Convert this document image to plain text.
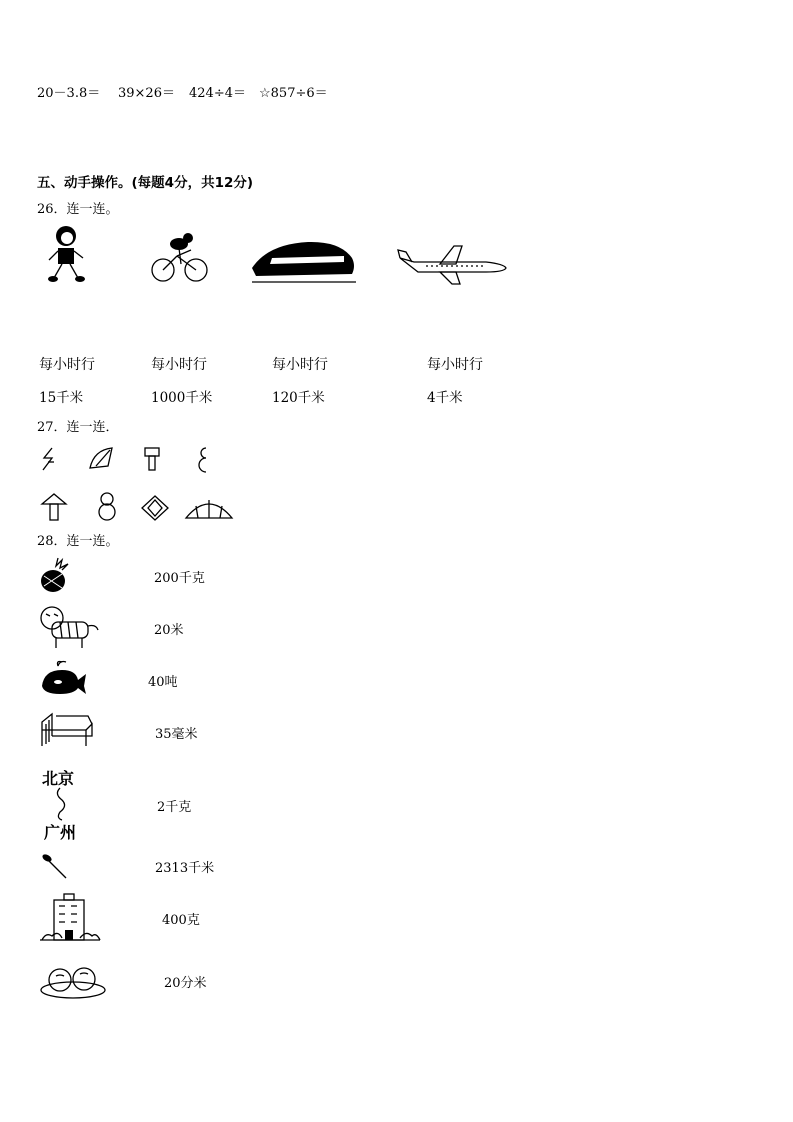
20－3.8＝ 39×26＝ 424÷4＝ ☆857÷6＝
五、动手操作。(每题4分，共12分)
26．连一连。
每小时行	每小时行	每小时行	每小时行
15千米	1000千米	120千米	4千米
27．连一连．
28．连一连。
北京
广州
200千克
20米
40吨
35毫米
2千克
2313千米
400克
20分米
